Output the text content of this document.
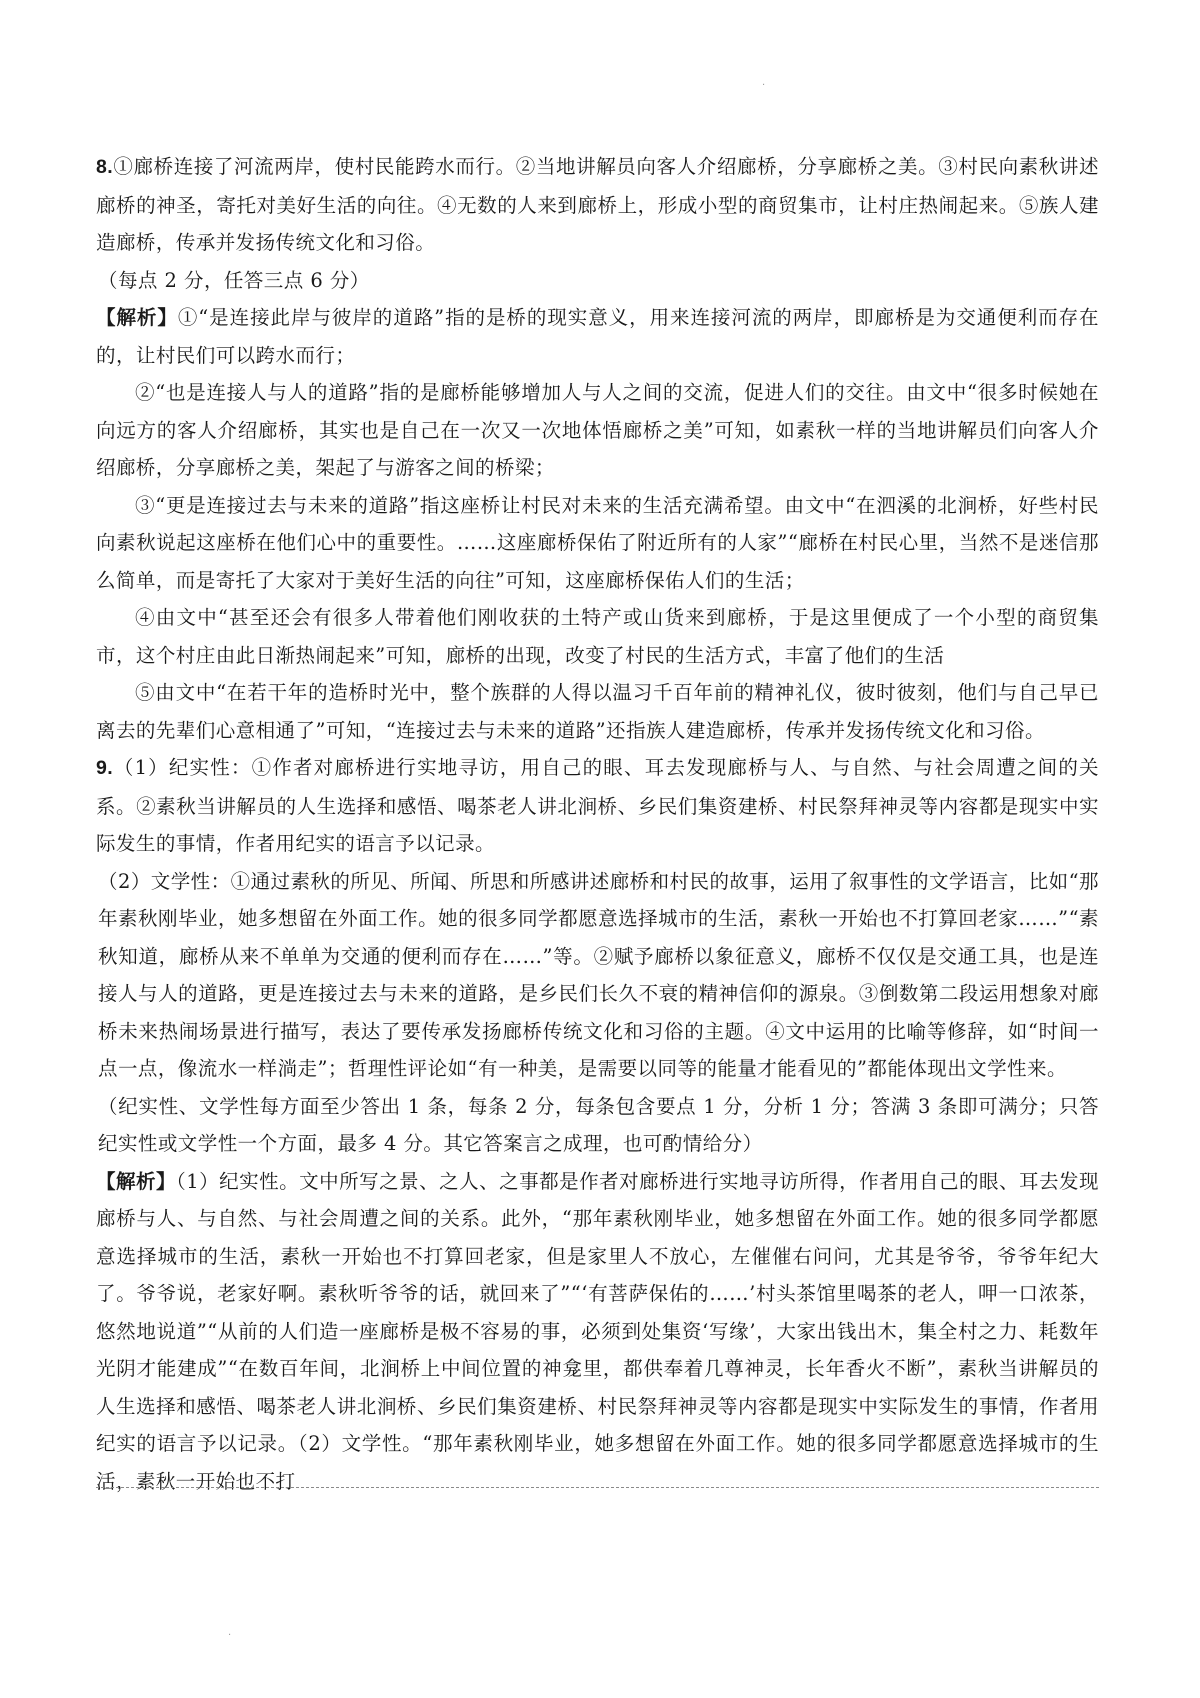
·

8.①廊桥连接了河流两岸，使村民能跨水而行。②当地讲解员向客人介绍廊桥，分享廊桥之美。③村民向素秋讲述廊桥的神圣，寄托对美好生活的向往。④无数的人来到廊桥上，形成小型的商贸集市，让村庄热闹起来。⑤族人建造廊桥，传承并发扬传统文化和习俗。

（每点 2 分，任答三点 6 分）

【解析】①“是连接此岸与彼岸的道路”指的是桥的现实意义，用来连接河流的两岸，即廊桥是为交通便利而存在的，让村民们可以跨水而行；

②“也是连接人与人的道路”指的是廊桥能够增加人与人之间的交流，促进人们的交往。由文中“很多时候她在向远方的客人介绍廊桥，其实也是自己在一次又一次地体悟廊桥之美”可知，如素秋一样的当地讲解员们向客人介绍廊桥，分享廊桥之美，架起了与游客之间的桥梁；

③“更是连接过去与未来的道路”指这座桥让村民对未来的生活充满希望。由文中“在泗溪的北涧桥，好些村民向素秋说起这座桥在他们心中的重要性。……这座廊桥保佑了附近所有的人家”“廊桥在村民心里，当然不是迷信那么简单，而是寄托了大家对于美好生活的向往”可知，这座廊桥保佑人们的生活；

④由文中“甚至还会有很多人带着他们刚收获的土特产或山货来到廊桥，于是这里便成了一个小型的商贸集市，这个村庄由此日渐热闹起来”可知，廊桥的出现，改变了村民的生活方式，丰富了他们的生活

⑤由文中“在若干年的造桥时光中，整个族群的人得以温习千百年前的精神礼仪，彼时彼刻，他们与自己早已离去的先辈们心意相通了”可知，“连接过去与未来的道路”还指族人建造廊桥，传承并发扬传统文化和习俗。

9.（1）纪实性：①作者对廊桥进行实地寻访，用自己的眼、耳去发现廊桥与人、与自然、与社会周遭之间的关系。②素秋当讲解员的人生选择和感悟、喝茶老人讲北涧桥、乡民们集资建桥、村民祭拜神灵等内容都是现实中实际发生的事情，作者用纪实的语言予以记录。

（2）文学性：①通过素秋的所见、所闻、所思和所感讲述廊桥和村民的故事，运用了叙事性的文学语言，比如“那年素秋刚毕业，她多想留在外面工作。她的很多同学都愿意选择城市的生活，素秋一开始也不打算回老家……”“素秋知道，廊桥从来不单单为交通的便利而存在……”等。②赋予廊桥以象征意义，廊桥不仅仅是交通工具，也是连接人与人的道路，更是连接过去与未来的道路，是乡民们长久不衰的精神信仰的源泉。③倒数第二段运用想象对廊桥未来热闹场景进行描写，表达了要传承发扬廊桥传统文化和习俗的主题。④文中运用的比喻等修辞，如“时间一点一点，像流水一样淌走”；哲理性评论如“有一种美，是需要以同等的能量才能看见的”都能体现出文学性来。

（纪实性、文学性每方面至少答出 1 条，每条 2 分，每条包含要点 1 分，分析 1 分；答满 3 条即可满分；只答纪实性或文学性一个方面，最多 4 分。其它答案言之成理，也可酌情给分）

【解析】（1）纪实性。文中所写之景、之人、之事都是作者对廊桥进行实地寻访所得，作者用自己的眼、耳去发现廊桥与人、与自然、与社会周遭之间的关系。此外，“那年素秋刚毕业，她多想留在外面工作。她的很多同学都愿意选择城市的生活，素秋一开始也不打算回老家，但是家里人不放心，左催催右问问，尤其是爷爷，爷爷年纪大了。爷爷说，老家好啊。素秋听爷爷的话，就回来了”“‘有菩萨保佑的……’村头茶馆里喝茶的老人，呷一口浓茶，悠然地说道”“从前的人们造一座廊桥是极不容易的事，必须到处集资‘写缘’，大家出钱出木，集全村之力、耗数年光阴才能建成”“在数百年间，北涧桥上中间位置的神龛里，都供奉着几尊神灵，长年香火不断”，素秋当讲解员的人生选择和感悟、喝茶老人讲北涧桥、乡民们集资建桥、村民祭拜神灵等内容都是现实中实际发生的事情，作者用纪实的语言予以记录。（2）文学性。“那年素秋刚毕业，她多想留在外面工作。她的很多同学都愿意选择城市的生活，素秋一开始也不打

·
